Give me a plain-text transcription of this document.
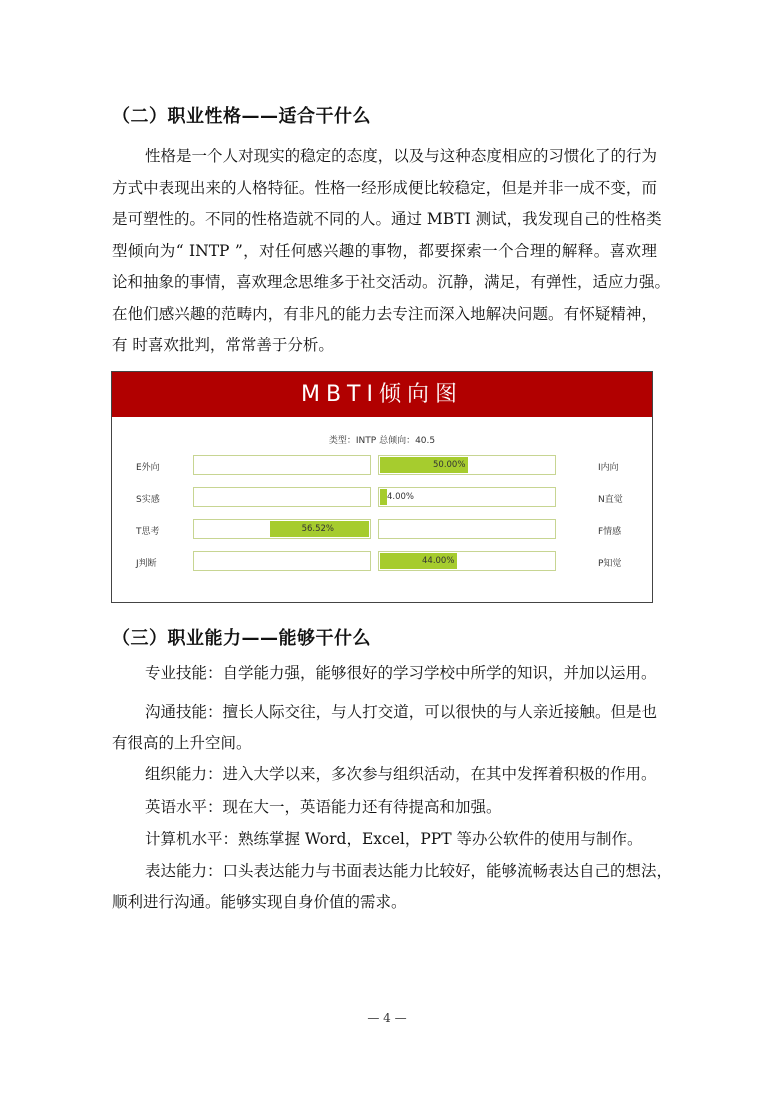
（二）职业性格——适合干什么
性格是一个人对现实的稳定的态度，以及与这种态度相应的习惯化了的行为
方式中表现出来的人格特征。性格一经形成便比较稳定，但是并非一成不变，而
是可塑性的。不同的性格造就不同的人。通过 MBTI 测试，我发现自己的性格类
型倾向为“ INTP ”，对任何感兴趣的事物，都要探索一个合理的解释。喜欢理
论和抽象的事情，喜欢理念思维多于社交活动。沉静，满足，有弹性，适应力强。
在他们感兴趣的范畴内，有非凡的能力去专注而深入地解决问题。有怀疑精神，
有 时喜欢批判，常常善于分析。
MBTI倾向图
类型：INTP 总倾向：40.5
E外向	50.00%	I内向
S实感	4.00%	N直觉
T思考	56.52%	F情感
J判断	44.00%	P知觉
（三）职业能力——能够干什么
专业技能：自学能力强，能够很好的学习学校中所学的知识，并加以运用。
沟通技能：擅长人际交往，与人打交道，可以很快的与人亲近接触。但是也
有很高的上升空间。
组织能力：进入大学以来，多次参与组织活动，在其中发挥着积极的作用。
英语水平：现在大一，英语能力还有待提高和加强。
计算机水平：熟练掌握 Word，Excel，PPT 等办公软件的使用与制作。
表达能力：口头表达能力与书面表达能力比较好，能够流畅表达自己的想法，
顺利进行沟通。能够实现自身价值的需求。
— 4 —
